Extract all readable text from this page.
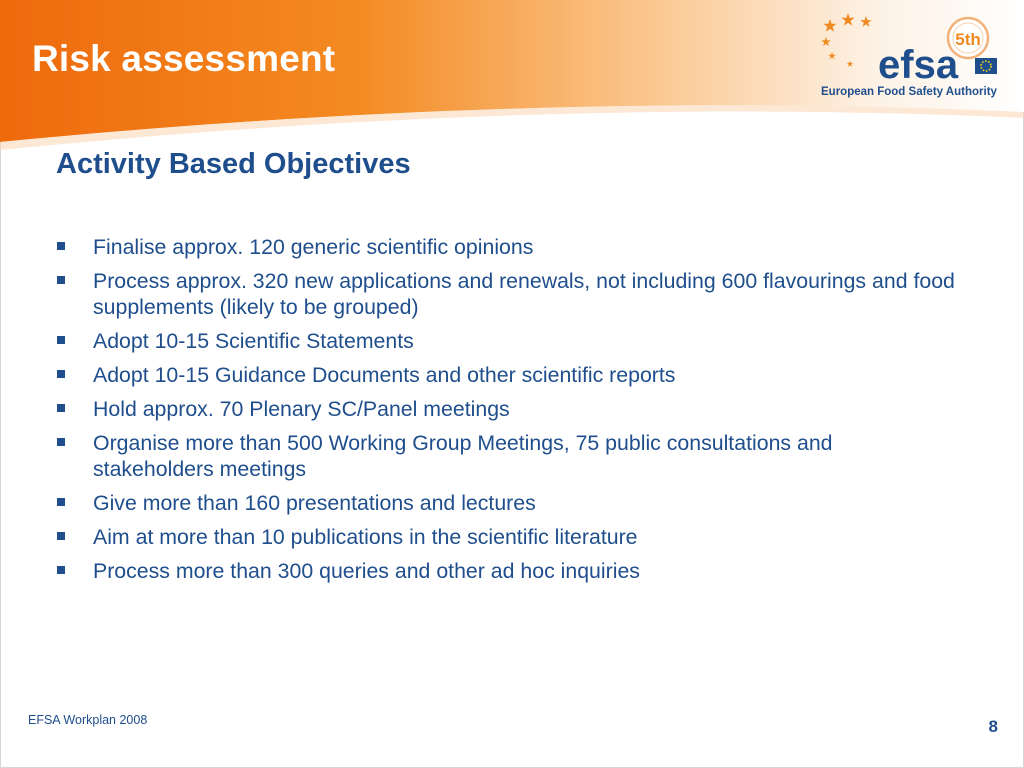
Risk assessment	5th
efsa
European Food Safety Authority
Activity Based Objectives
Finalise approx. 120 generic scientific opinions
Process approx. 320 new applications and renewals, not including 600 flavourings and food supplements (likely to be grouped)
Adopt 10-15 Scientific Statements
Adopt 10-15 Guidance Documents and other scientific reports
Hold approx. 70 Plenary SC/Panel meetings
Organise more than 500 Working Group Meetings, 75 public consultations and stakeholders meetings
Give more than 160 presentations and lectures
Aim at more than 10 publications in the scientific literature
Process more than 300 queries and other ad hoc inquiries
EFSA Workplan 2008	8
